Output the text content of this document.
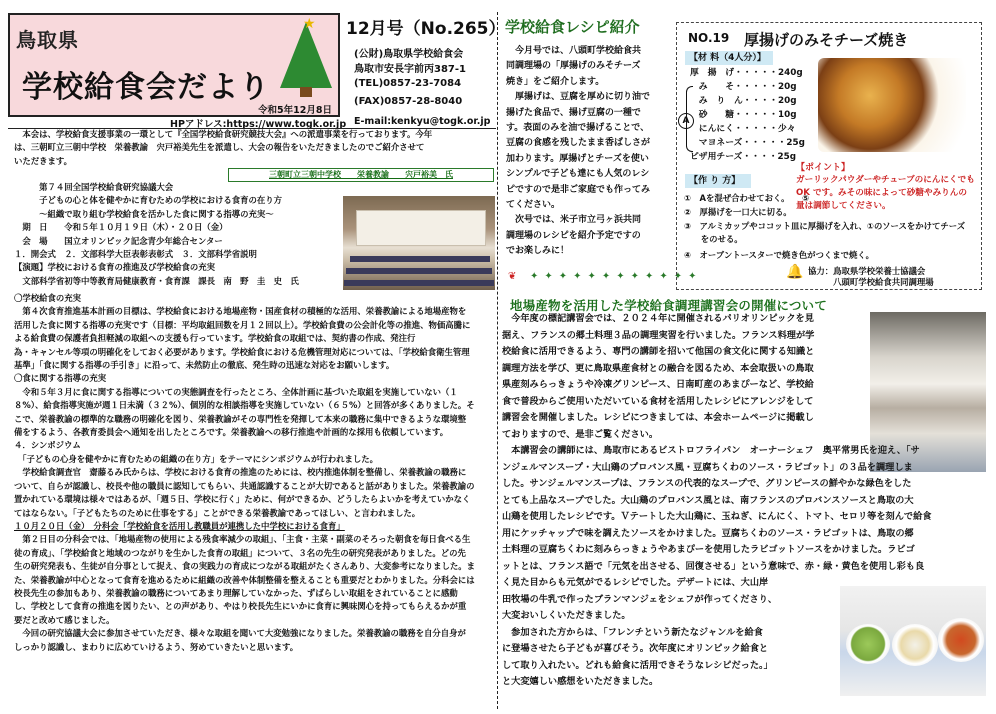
鳥取県
学校給食会だより
★ 12月号（No.265）
(公財)鳥取県学校給食会
鳥取市安長字前丙387-1
(TEL)0857-23-7084
(FAX)0857-28-8040
令和5年12月8日
HPアドレス:https://www.togk.or.jp E-mail:kenkyu@togk.or.jp
　本会は、学校給食支援事業の一環として『全国学校給食研究競技大会』への派遣事業を行っております。今年
は、三朝町立三朝中学校　栄養教諭　宍戸裕美先生を派遣し、大会の報告をいただきましたのでご紹介させて
いただきます。
三朝町立三朝中学校　　栄養教諭　　宍戸裕美　氏
　　　第７４回全国学校給食研究協議大会
　　　子どもの心と体を健やかに育むための学校における食育の在り方
　　　～組織で取り組む学校給食を活かした食に関する指導の充実～
　期　日　　令和５年１０月１９日（木）・２０日（金）
　会　場　　国立オリンピック記念青少年総合センター
１．開会式　２．文部科学大臣表彰表彰式　３．文部科学省説明
【演題】学校における食育の推進及び学校給食の充実
　文部科学省初等中等教育局健康教育・食育課　課長　南　野　圭　史　氏
〇学校給食の充実
　第４次食育推進基本計画の目標は、学校給食における地場産物・国産食材の積極的な活用、栄養教諭による地場産物を
活用した食に関する指導の充実です（目標：平均取組回数を月１２回以上）。学校給食費の公会計化等の推進、物価高騰に
よる給食費の保護者負担軽減の取組への支援も行っています。学校給食の取組では、契約書の作成、発注行
為・キャンセル等項の明確化をしておく必要があります。学校給食における危機管理対応については、「学校給食衛生管理
基準」「食に関する指導の手引き」に沿って、未然防止の徹底、発生時の迅速な対応をお願いします。
〇食に関する指導の充実
　令和５年３月に食に関する指導についての実態調査を行ったところ、全体計画に基づいた取組を実施していない（１
８%）、給食指導実施が週１日未満（３２%）、個別的な相談指導を実施していない（６５%）と回答が多くありました。そ
こで、栄養教諭の標準的な職務の明確化を図り、栄養教諭がその専門性を発揮して本来の職務に集中できるような環境整
備をするよう、各教育委員会へ通知を出したところです。栄養教諭への移行推進や計画的な採用も依頼しています。
４．シンポジウム
　「子どもの心身を健やかに育むための組織の在り方」をテーマにシンポジウムが行われました。
　学校給食調査官　齋藤るみ氏からは、学校における食育の推進のためには、校内推進体制を整備し、栄養教諭の職務に
ついて、自らが認識し、校長や他の職員に認知してもらい、共通認識することが大切であると話がありました。栄養教諭の
置かれている環境は様々ではあるが、「週５日、学校に行く」ために、何ができるか、どうしたらよいかを考えていかなく
てはならない。「子どもたちのために仕事をする」ことができる栄養教諭であってほしい、と言われました。
１０月２０日（金）　分科会「学校給食を活用し教職員が連携した中学校における食育」
　第２日目の分科会では、「地場産物の使用による残食率減少の取組」、「主食・主菜・副菜のそろった朝食を毎日食べる生
徒の育成」、「学校給食と地域のつながりを生かした食育の取組」について、３名の先生の研究発表がありました。どの先
生の研究発表も、生徒が自分事として捉え、食の実践力の育成につながる取組がたくさんあり、大変参考になりました。ま
た、栄養教諭が中心となって食育を進めるために組織の改善や体制整備を整えることも重要だとわかりました。分科会には
校長先生の参加もあり、栄養教諭の職務についてあまり理解していなかった、ずばらしい取組をされていることに感動
し、学校として食育の推進を図りたい、との声があり、やはり校長先生にいかに食育に興味関心を持ってもらえるかが重
要だと改めて感じました。
　今回の研究協議大会に参加させていただき、様々な取組を聞いて大変勉強になりました。栄養教諭の職務を自分自身が
しっかり認識し、まわりに広めていけるよう、努めていきたいと思います。
学校給食レシピ紹介
　今月号では、八頭町学校給食共
同調理場の「厚揚げのみそチーズ
焼き」をご紹介します。
　厚揚げは、豆腐を厚めに切り油で
揚げた食品で、揚げ豆腐の一種で
す。表面のみを油で揚げることで、
豆腐の食感を残したまま香ばしさが
加わります。厚揚げとチーズを使い
シンプルで子ども達にも人気のレシ
ピですので是非ご家庭でも作ってみ
てください。
　次号では、米子市立弓ヶ浜共同
調理場のレシピを紹介予定ですの
でお楽しみに！
❦ ✦✦✦✦✦✦✦✦✦✦✦✦
NO.19 厚揚げのみそチーズ焼き
【材 料（4人分）】
厚　揚　げ・・・・・240g
　み　　そ・・・・・20g
　み　り　ん・・・・20g
　砂　　糖・・・・・10g
　にんにく・・・・・少々
　マヨネーズ・・・・・25g
ピザ用チーズ・・・・25g
A
【ポイント】
ガーリックパウダーやチューブのにんにくでも
OK です。みその味によって砂糖やみりんの
量は調節してください。
【作 り 方】
①　Aを混ぜ合わせておく。　　⑤
②　厚揚げを一口大に切る。
③　アルミカップやココット皿に厚揚げを入れ、①のソースをかけてチーズ
　　をのせる。
④　オーブントースターで焼き色がつくまで焼く。
🔔 協力：鳥取県学校栄養士協議会
　　　八頭町学校給食共同調理場
地場産物を活用した学校給食調理講習会の開催について
　今年度の標記講習会では、２０２４年に開催されるパリオリンピックを見
据え、フランスの郷土料理３品の調理実習を行いました。フランス料理が学
校給食に活用できるよう、専門の講師を招いて他国の食文化に関する知識と
調理方法を学び、更に鳥取県産食材との融合を図るため、本会取扱いの鳥取
県産刻みらっきょうや冷凍グリンピース、日南町産のあまぴーなど、学校給
食で普段からご使用いただいている食材を活用したレシピにアレンジをして
講習会を開催しました。レシピにつきましては、本会ホームページに掲載し
ておりますので、是非ご覧ください。
　本講習会の講師には、鳥取市にあるビストロフライパン　オーナーシェフ　奥平常男氏を迎え、「サ
ンジェルマンスープ・大山鶏のプロバンス風・豆腐ちくわのソース・ラビゴット」の３品を調理しま
した。サンジェルマンスープは、フランスの代表的なスープで、グリンピースの鮮やかな緑色をした
とても上品なスープでした。大山鶏のプロバンス風とは、南フランスのプロバンスソースと鳥取の大
山鶏を使用したレシピです。Ｖテートした大山鶏に、玉ねぎ、にんにく、トマト、セロリ等を刻んで給食
用にケッチャップで味を調えたソースをかけました。豆腐ちくわのソース・ラビゴットは、鳥取の郷
土料理の豆腐ちくわに刻みらっきょうやあまぴーを使用したラビゴットソースをかけました。ラビゴ
ットとは、フランス語で「元気を出させる、回復させる」という意味で、赤・緑・黄色を使用し彩も良
く見た目からも元気がでるレシピでした。デザートには、大山岸
田牧場の牛乳で作ったブランマンジェをシェフが作ってくださり、
大変おいしくいただきました。
　参加された方からは、「フレンチという新たなジャンルを給食
に登場させたら子どもが喜びそう。次年度にオリンピック給食と
して取り入れたい。どれも給食に活用できそうなレシピだった。」
と大変嬉しい感想をいただきました。
